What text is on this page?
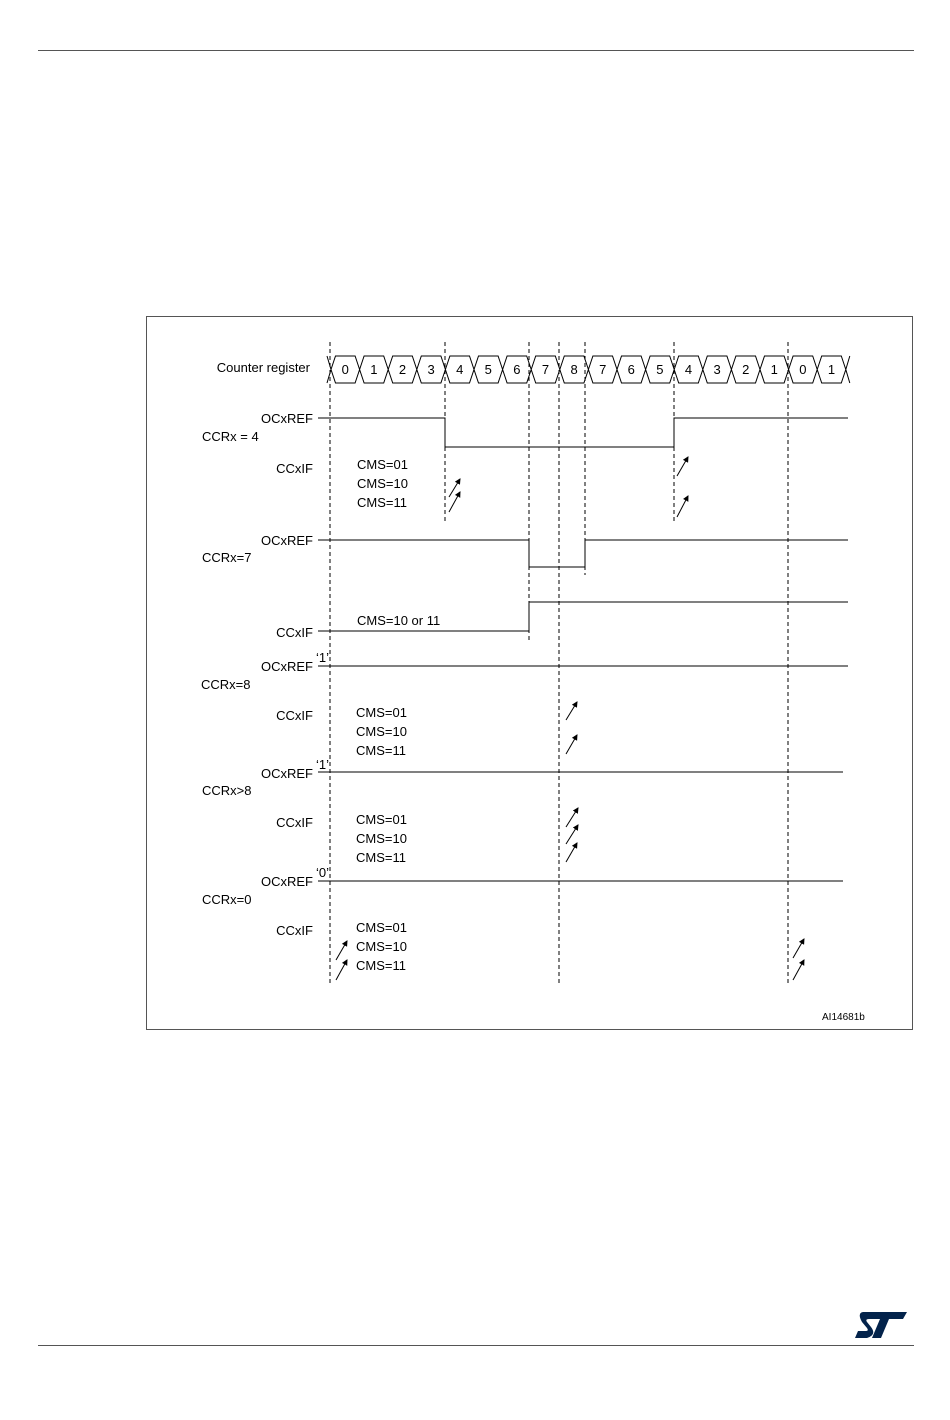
Counter register 0 1 2 3 4 5 6 7 8 7 6 5 4 3 2 1 0 1
OCxREF
CCRx = 4
CCxIF	CMS=01
CMS=10
CMS=11
OCxREF
CCRx=7
CCxIF
CMS=10 or 11
OCxREF
‘1’
CCRx=8
CCxIF	CMS=01
CMS=10
CMS=11
OCxREF
‘1’
CCRx>8
CCxIF	CMS=01
CMS=10
CMS=11
OCxREF
‘0’
CCRx=0
CCxIF	CMS=01
CMS=10
CMS=11
AI14681b
